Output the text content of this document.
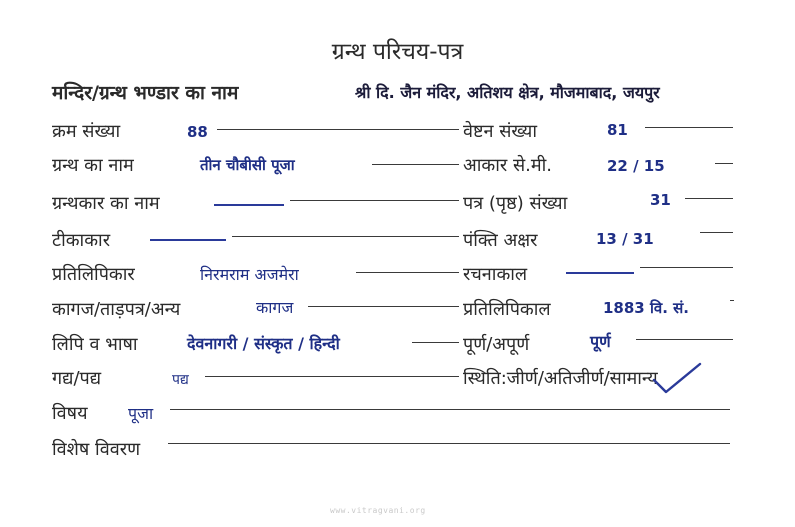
ग्रन्थ परिचय-पत्र
मन्दिर/ग्रन्थ भण्डार का नाम	श्री दि. जैन मंदिर, अतिशय क्षेत्र, मौजमाबाद, जयपुर
क्रम संख्या	88
ग्रन्थ का नाम	तीन चौबीसी पूजा
ग्रन्थकार का नाम
टीकाकार
प्रतिलिपिकार	निरमराम अजमेरा
कागज/ताड़पत्र/अन्य	कागज
लिपि व भाषा	देवनागरी / संस्कृत / हिन्दी
गद्य/पद्य	पद्य
विषय	पूजा
विशेष विवरण
वेष्टन संख्या	81
आकार से.मी.	22 / 15
पत्र (पृष्ठ) संख्या	31
पंक्ति अक्षर	13 / 31
रचनाकाल
प्रतिलिपिकाल	1883 वि. सं.
पूर्ण/अपूर्ण	पूर्ण
स्थिति:जीर्ण/अतिजीर्ण/सामान्य
www.vitragvani.org
